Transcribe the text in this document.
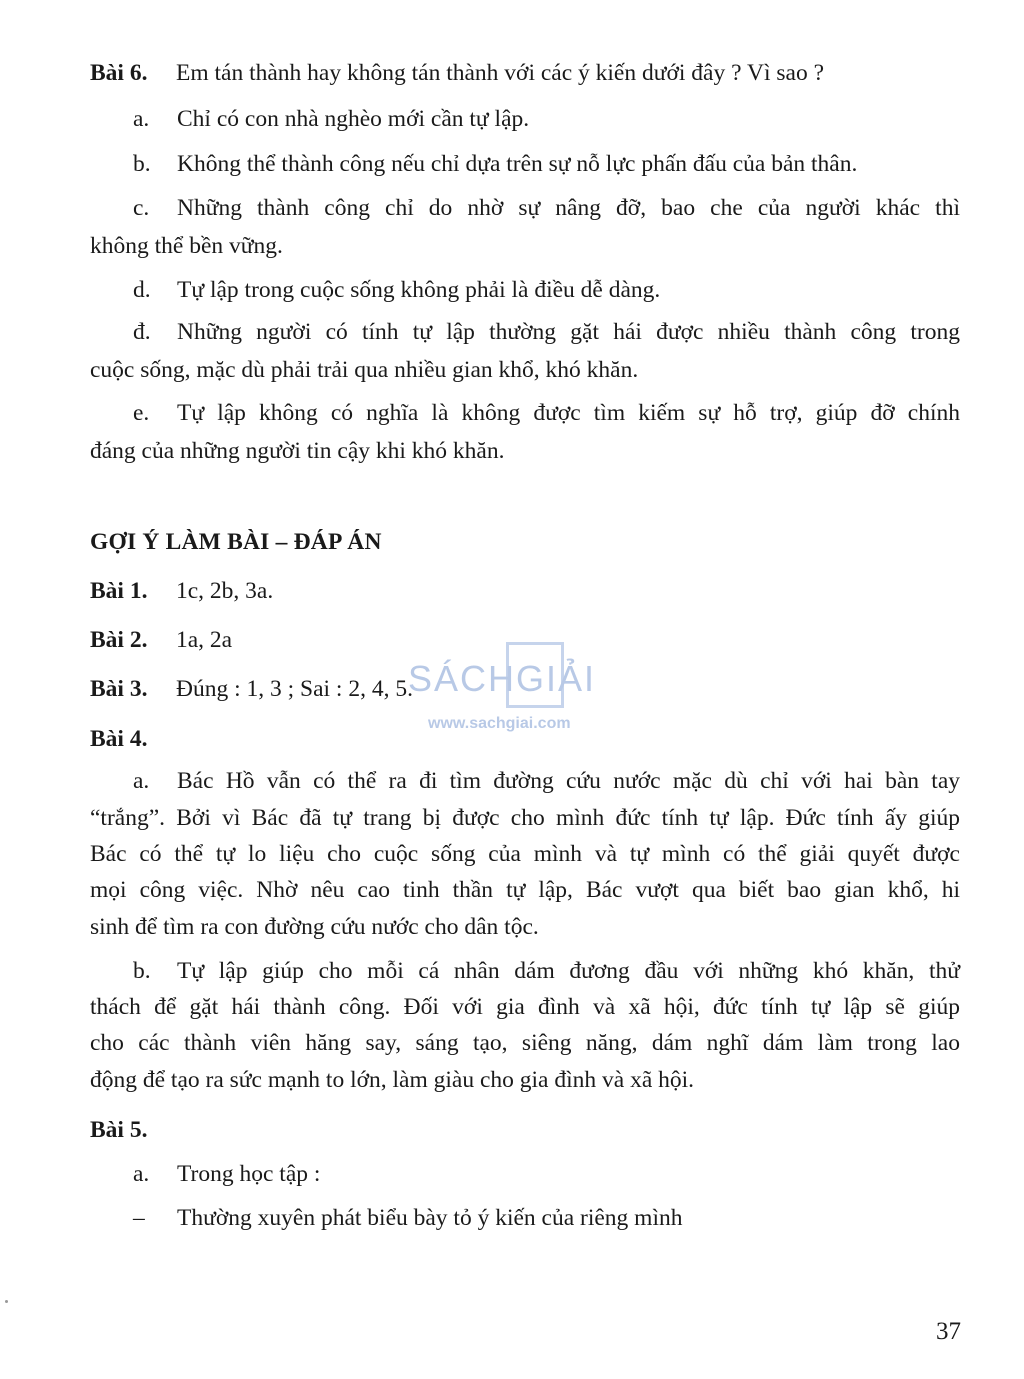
Bài 6. Em tán thành hay không tán thành với các ý kiến dưới đây ? Vì sao ?
a. Chỉ có con nhà nghèo mới cần tự lập.
b. Không thể thành công nếu chỉ dựa trên sự nỗ lực phấn đấu của bản thân.
c. Những thành công chỉ do nhờ sự nâng đỡ, bao che của người khác thì
không thể bền vững.
d. Tự lập trong cuộc sống không phải là điều dễ dàng.
đ. Những người có tính tự lập thường gặt hái được nhiều thành công trong
cuộc sống, mặc dù phải trải qua nhiều gian khổ, khó khăn.
e. Tự lập không có nghĩa là không được tìm kiếm sự hỗ trợ, giúp đỡ chính
đáng của những người tin cậy khi khó khăn.
GỢI Ý LÀM BÀI – ĐÁP ÁN
Bài 1. 1c, 2b, 3a.
Bài 2. 1a, 2a
Bài 3. Đúng : 1, 3 ; Sai : 2, 4, 5.
Bài 4.
a. Bác Hồ vẫn có thể ra đi tìm đường cứu nước mặc dù chỉ với hai bàn tay
“trắng”. Bởi vì Bác đã tự trang bị được cho mình đức tính tự lập. Đức tính ấy giúp
Bác có thể tự lo liệu cho cuộc sống của mình và tự mình có thể giải quyết được
mọi công việc. Nhờ nêu cao tinh thần tự lập, Bác vượt qua biết bao gian khổ, hi
sinh để tìm ra con đường cứu nước cho dân tộc.
b. Tự lập giúp cho mỗi cá nhân dám đương đầu với những khó khăn, thử
thách để gặt hái thành công. Đối với gia đình và xã hội, đức tính tự lập sẽ giúp
cho các thành viên hăng say, sáng tạo, siêng năng, dám nghĩ dám làm trong lao
động để tạo ra sức mạnh to lớn, làm giàu cho gia đình và xã hội.
Bài 5.
a. Trong học tập :
– Thường xuyên phát biểu bày tỏ ý kiến của riêng mình
SÁCHGIẢI
www.sachgiai.com
37
